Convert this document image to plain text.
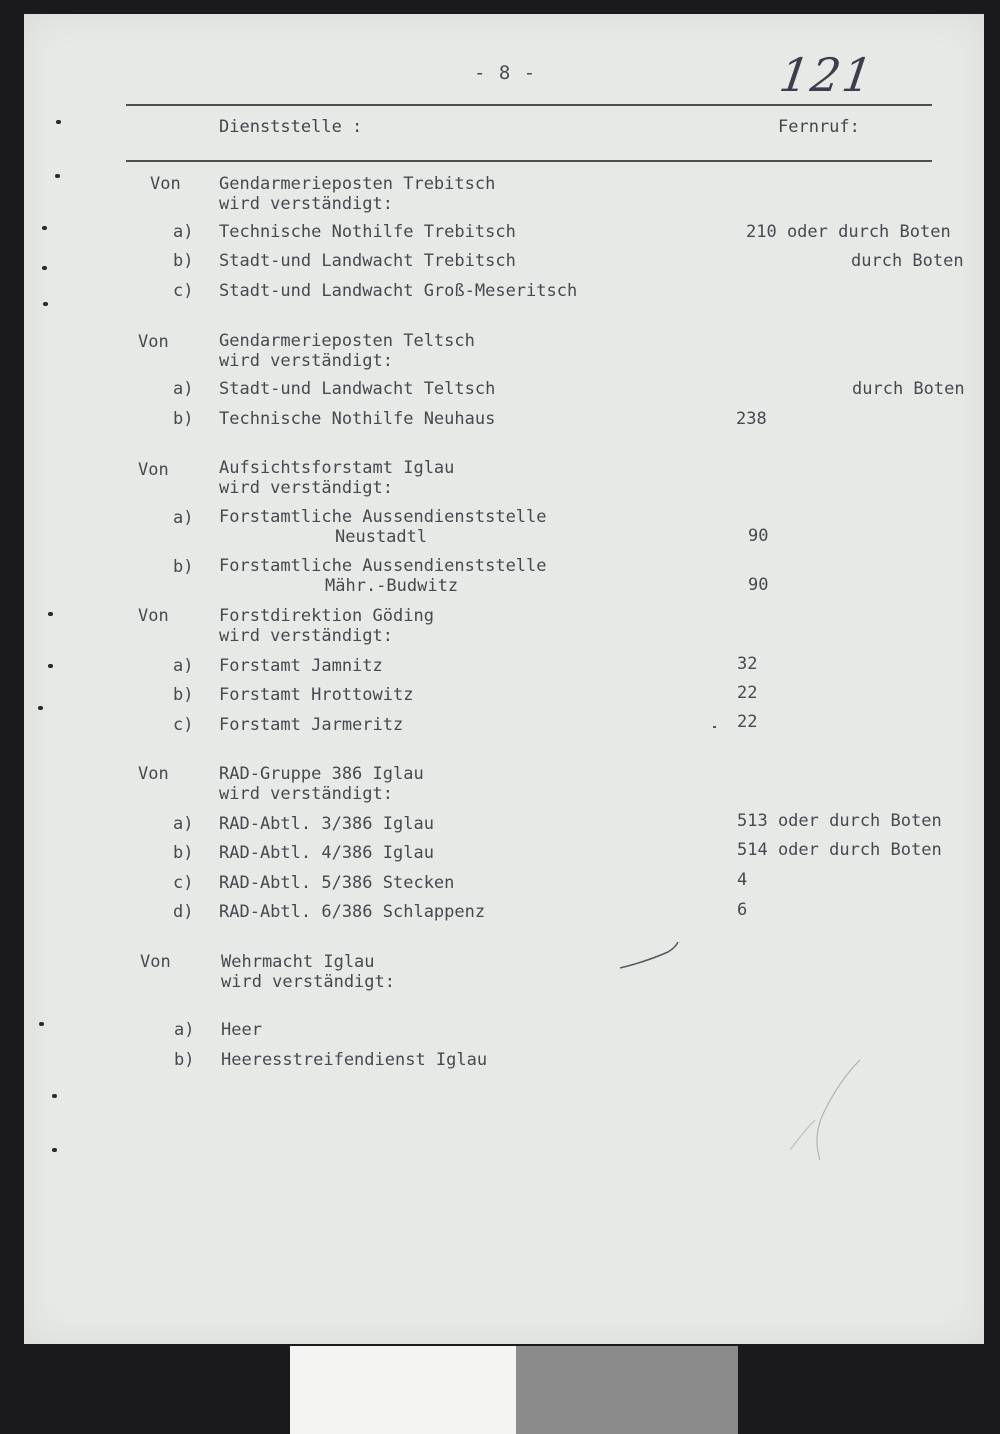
- 8 -	121
Dienststelle :	Fernruf:
Von Gendarmerieposten Trebitsch
wird verständigt:
a) Technische Nothilfe Trebitsch	210 oder durch Boten
b) Stadt-und Landwacht Trebitsch	durch Boten
c) Stadt-und Landwacht Groß-Meseritsch
Von	Gendarmerieposten Teltsch
wird verständigt:
a) Stadt-und Landwacht Teltsch	durch Boten
b) Technische Nothilfe Neuhaus	238
Von	Aufsichtsforstamt Iglau
wird verständigt:
a) Forstamtliche Aussendienststelle
Neustadtl	90
b) Forstamtliche Aussendienststelle
Mähr.-Budwitz	90
Von	Forstdirektion Göding
wird verständigt:
a) Forstamt Jamnitz	32
b) Forstamt Hrottowitz	22
c) Forstamt Jarmeritz	22
Von	RAD-Gruppe 386 Iglau
wird verständigt:
a) RAD-Abtl. 3/386 Iglau	513 oder durch Boten
b) RAD-Abtl. 4/386 Iglau	514 oder durch Boten
c) RAD-Abtl. 5/386 Stecken	4
d) RAD-Abtl. 6/386 Schlappenz	6
Von	Wehrmacht Iglau
wird verständigt:
a) Heer
b) Heeresstreifendienst Iglau
